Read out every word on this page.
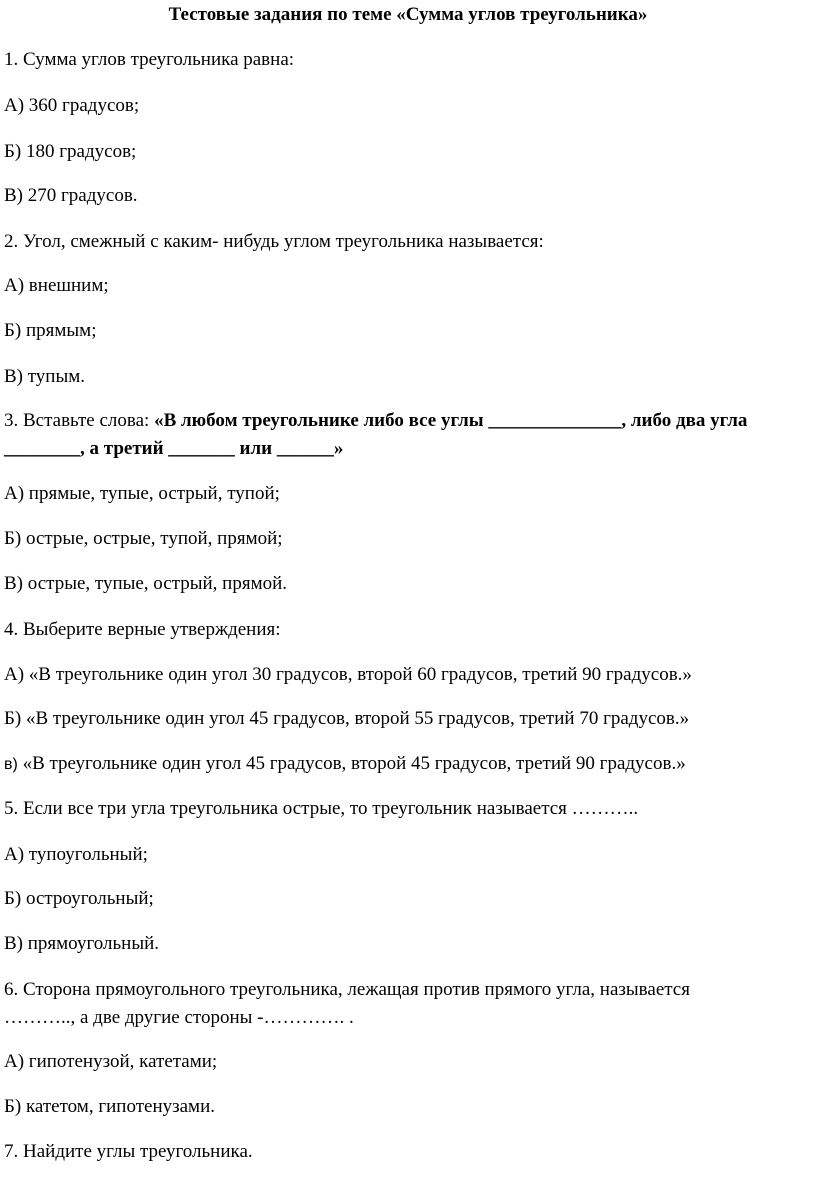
Тестовые задания по теме «Сумма углов треугольника»
1. Сумма углов треугольника равна:
А) 360 градусов;
Б) 180 градусов;
В) 270 градусов.
2. Угол, смежный с каким- нибудь углом треугольника называется:
А) внешним;
Б) прямым;
В) тупым.
3. Вставьте слова: «В любом треугольнике либо все углы ______________, либо два угла
________, а третий _______ или ______»
А) прямые, тупые, острый, тупой;
Б) острые, острые, тупой, прямой;
В) острые, тупые, острый, прямой.
4. Выберите верные утверждения:
А) «В треугольнике один угол 30 градусов, второй 60 градусов, третий 90 градусов.»
Б) «В треугольнике один угол 45 градусов, второй 55 градусов, третий 70 градусов.»
в) «В треугольнике один угол 45 градусов, второй 45 градусов, третий 90 градусов.»
5. Если все три угла треугольника острые, то треугольник называется ………..
А) тупоугольный;
Б) остроугольный;
В) прямоугольный.
6. Сторона прямоугольного треугольника, лежащая против прямого угла, называется
……….., а две другие стороны -…………. .
А) гипотенузой, катетами;
Б) катетом, гипотенузами.
7. Найдите углы треугольника.
